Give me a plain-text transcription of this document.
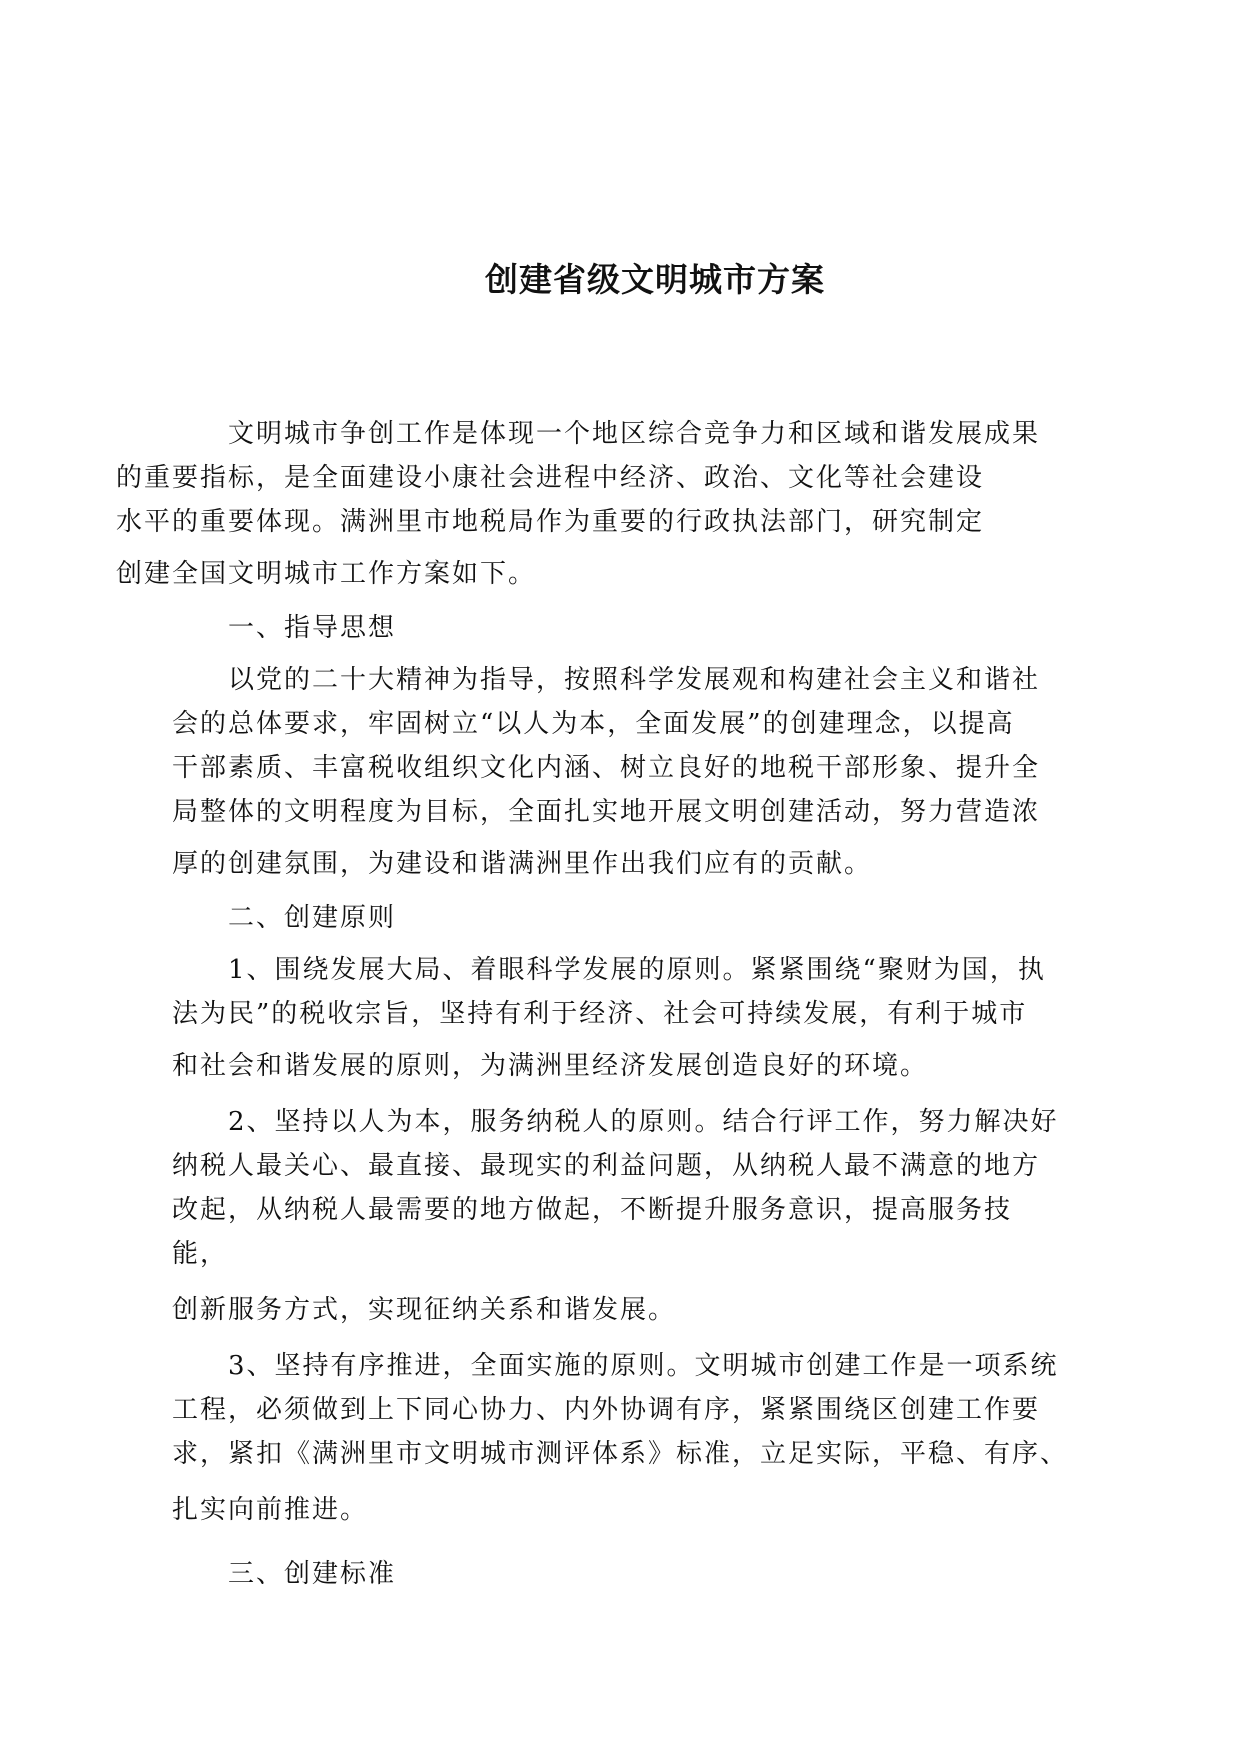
创建省级文明城市方案
文明城市争创工作是体现一个地区综合竞争力和区域和谐发展成果
的重要指标，是全面建设小康社会进程中经济、政治、文化等社会建设
水平的重要体现。满洲里市地税局作为重要的行政执法部门，研究制定
创建全国文明城市工作方案如下。
一、指导思想
以党的二十大精神为指导，按照科学发展观和构建社会主义和谐社
会的总体要求，牢固树立“以人为本，全面发展”的创建理念，以提高
干部素质、丰富税收组织文化内涵、树立良好的地税干部形象、提升全
局整体的文明程度为目标，全面扎实地开展文明创建活动，努力营造浓
厚的创建氛围，为建设和谐满洲里作出我们应有的贡献。
二、创建原则
1、围绕发展大局、着眼科学发展的原则。紧紧围绕“聚财为国，执
法为民”的税收宗旨，坚持有利于经济、社会可持续发展，有利于城市
和社会和谐发展的原则，为满洲里经济发展创造良好的环境。
2、坚持以人为本，服务纳税人的原则。结合行评工作，努力解决好
纳税人最关心、最直接、最现实的利益问题，从纳税人最不满意的地方
改起，从纳税人最需要的地方做起，不断提升服务意识，提高服务技
能，
创新服务方式，实现征纳关系和谐发展。
3、坚持有序推进，全面实施的原则。文明城市创建工作是一项系统
工程，必须做到上下同心协力、内外协调有序，紧紧围绕区创建工作要
求，紧扣《满洲里市文明城市测评体系》标准，立足实际，平稳、有序、
扎实向前推进。
三、创建标准
